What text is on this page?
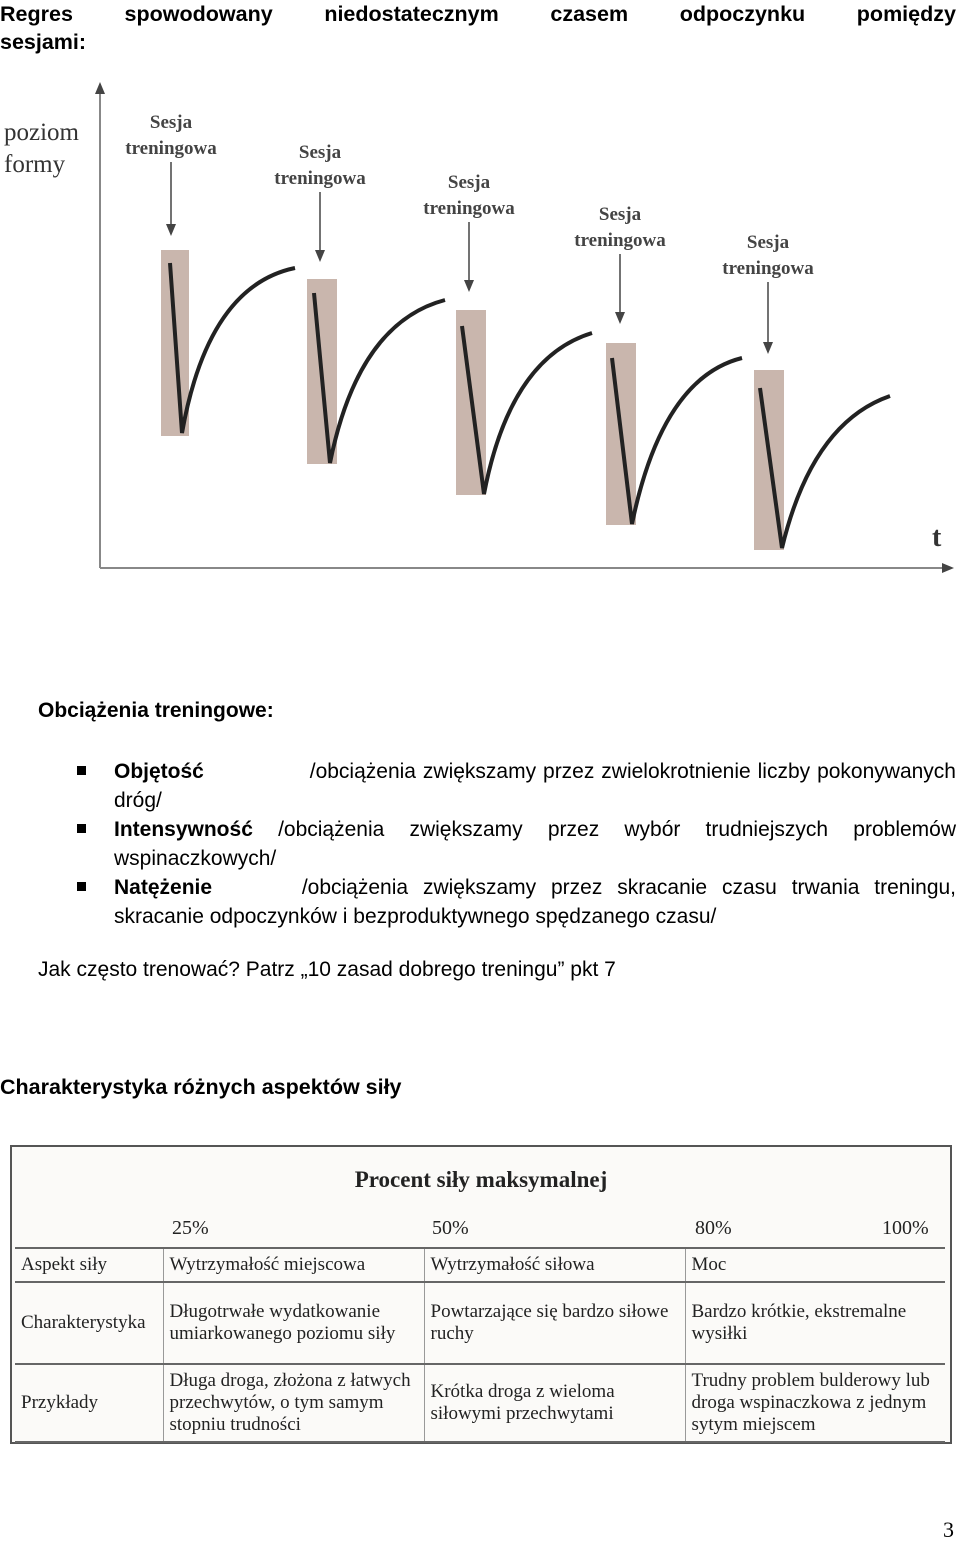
Regres spowodowany niedostatecznym czasem odpoczynku pomiędzy
sesjami:
poziom
formy
t
Sesja
treningowa	Sesja
treningowa	Sesja
treningowa	Sesja
treningowa	Sesja
treningowa
Obciążenia treningowe:
Objętość	/obciążenia zwiększamy przez zwielokrotnienie liczby pokonywanych dróg/
Intensywność /obciążenia zwiększamy przez wybór trudniejszych problemów wspinaczkowych/
Natężenie	/obciążenia zwiększamy przez skracanie czasu trwania treningu, skracanie odpoczynków i bezproduktywnego spędzanego czasu/
Jak często trenować? Patrz „10 zasad dobrego treningu” pkt 7
Charakterystyka różnych aspektów siły
Procent siły maksymalnej
25%	50%	80%	100%
Aspekt siły	Wytrzymałość miejscowa	Wytrzymałość siłowa	Moc
Charakterystyka	Długotrwałe wydatkowanie umiarkowanego poziomu siły	Powtarzające się bardzo siłowe ruchy	Bardzo krótkie, ekstremalne wysiłki
Przykłady	Długa droga, złożona z łatwych przechwytów, o tym samym stopniu trudności	Krótka droga z wieloma siłowymi przechwytami	Trudny problem bulderowy lub droga wspinaczkowa z jednym sytym miejscem
3
